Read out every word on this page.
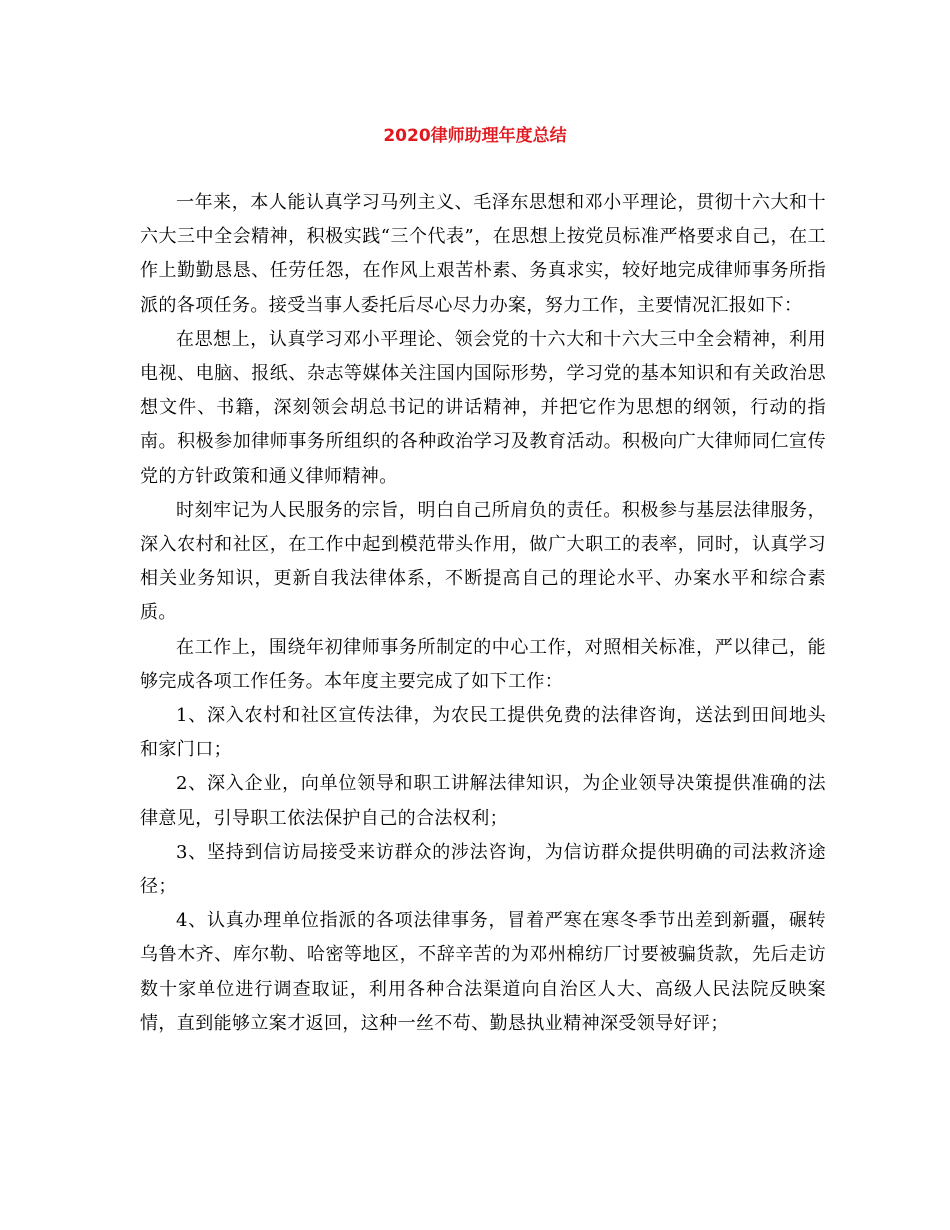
2020律师助理年度总结

一年来，本人能认真学习马列主义、毛泽东思想和邓小平理论，贯彻十六大和十六大三中全会精神，积极实践“三个代表”，在思想上按党员标准严格要求自己，在工作上勤勤恳恳、任劳任怨，在作风上艰苦朴素、务真求实，较好地完成律师事务所指派的各项任务。接受当事人委托后尽心尽力办案，努力工作，主要情况汇报如下：

在思想上，认真学习邓小平理论、领会党的十六大和十六大三中全会精神，利用电视、电脑、报纸、杂志等媒体关注国内国际形势，学习党的基本知识和有关政治思想文件、书籍，深刻领会胡总书记的讲话精神，并把它作为思想的纲领，行动的指南。积极参加律师事务所组织的各种政治学习及教育活动。积极向广大律师同仁宣传党的方针政策和通义律师精神。

时刻牢记为人民服务的宗旨，明白自己所肩负的责任。积极参与基层法律服务，深入农村和社区，在工作中起到模范带头作用，做广大职工的表率，同时，认真学习相关业务知识，更新自我法律体系，不断提高自己的理论水平、办案水平和综合素质。

在工作上，围绕年初律师事务所制定的中心工作，对照相关标准，严以律己，能够完成各项工作任务。本年度主要完成了如下工作：

1、深入农村和社区宣传法律，为农民工提供免费的法律咨询，送法到田间地头和家门口；

2、深入企业，向单位领导和职工讲解法律知识，为企业领导决策提供准确的法律意见，引导职工依法保护自己的合法权利；

3、坚持到信访局接受来访群众的涉法咨询，为信访群众提供明确的司法救济途径；

4、认真办理单位指派的各项法律事务，冒着严寒在寒冬季节出差到新疆，碾转乌鲁木齐、库尔勒、哈密等地区，不辞辛苦的为邓州棉纺厂讨要被骗货款，先后走访数十家单位进行调查取证，利用各种合法渠道向自治区人大、高级人民法院反映案情，直到能够立案才返回，这种一丝不苟、勤恳执业精神深受领导好评；
